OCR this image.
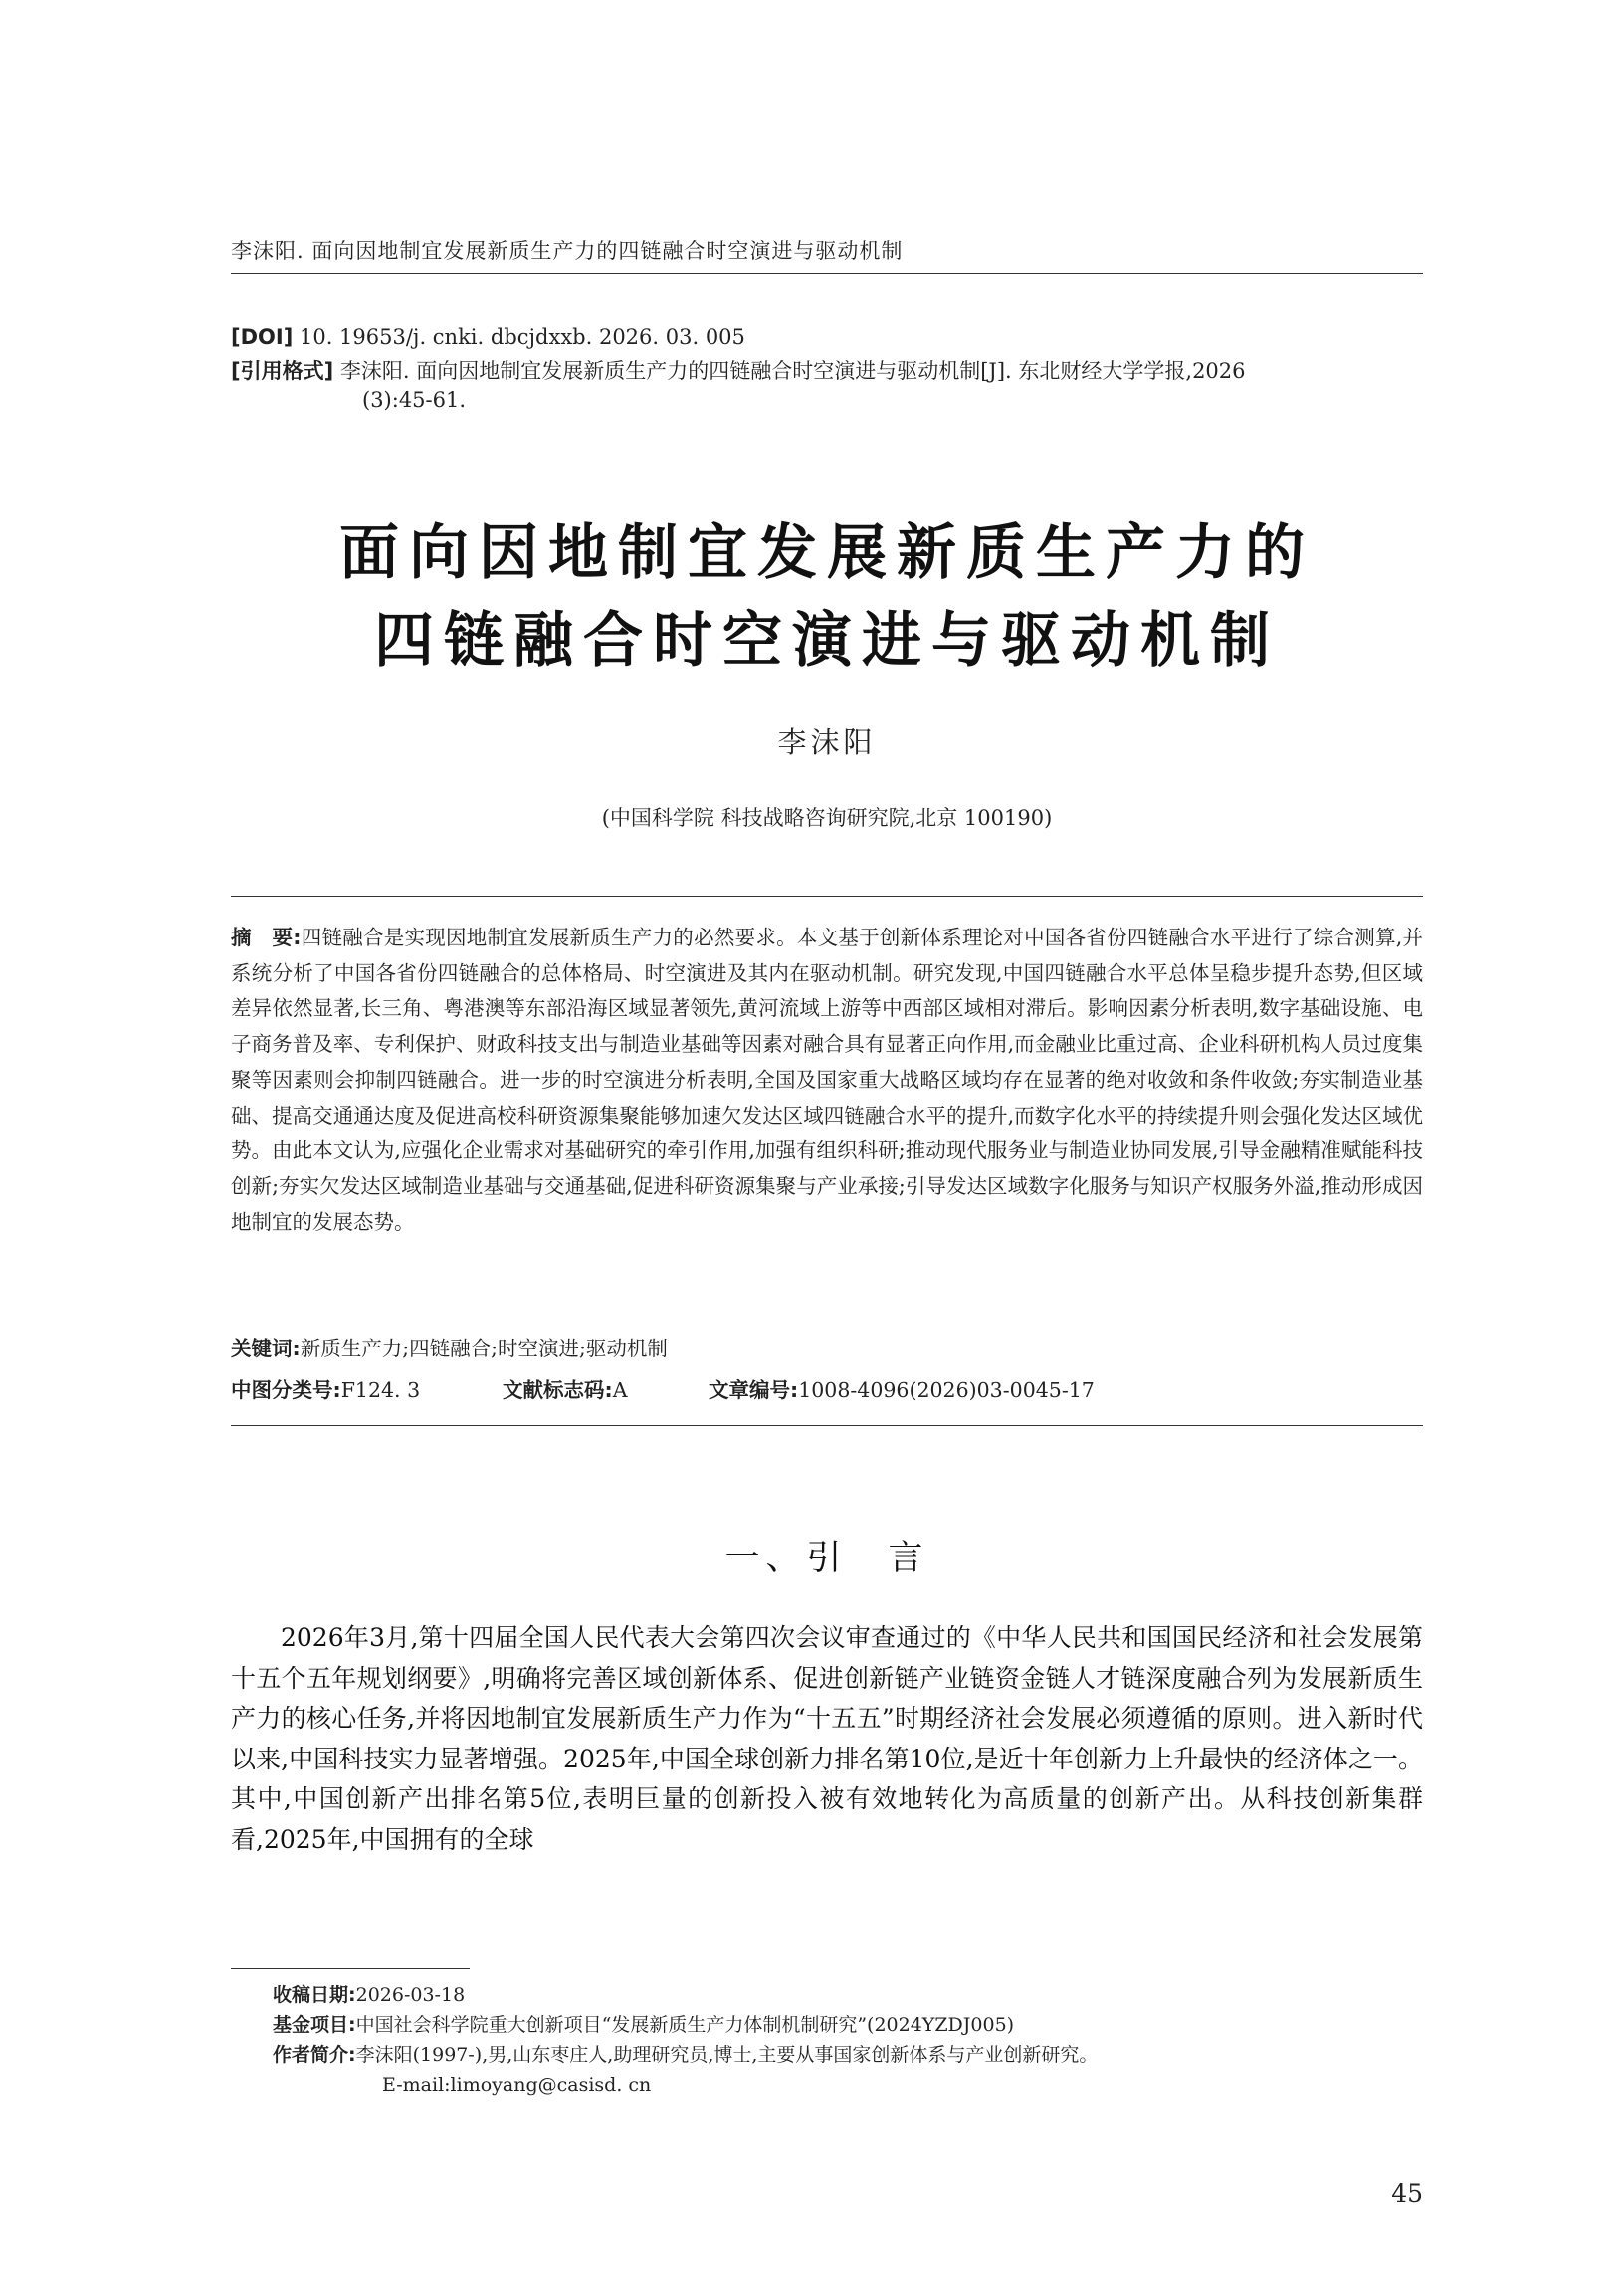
李沫阳. 面向因地制宜发展新质生产力的四链融合时空演进与驱动机制
[DOI] 10. 19653/j. cnki. dbcjdxxb. 2026. 03. 005
[引用格式] 李沫阳. 面向因地制宜发展新质生产力的四链融合时空演进与驱动机制[J]. 东北财经大学学报,2026
(3):45-61.
面向因地制宜发展新质生产力的
四链融合时空演进与驱动机制
李沫阳
(中国科学院 科技战略咨询研究院,北京 100190)
摘　要:四链融合是实现因地制宜发展新质生产力的必然要求。本文基于创新体系理论对中国各省份四链融合水平进行了综合测算,并系统分析了中国各省份四链融合的总体格局、时空演进及其内在驱动机制。研究发现,中国四链融合水平总体呈稳步提升态势,但区域差异依然显著,长三角、粤港澳等东部沿海区域显著领先,黄河流域上游等中西部区域相对滞后。影响因素分析表明,数字基础设施、电子商务普及率、专利保护、财政科技支出与制造业基础等因素对融合具有显著正向作用,而金融业比重过高、企业科研机构人员过度集聚等因素则会抑制四链融合。进一步的时空演进分析表明,全国及国家重大战略区域均存在显著的绝对收敛和条件收敛;夯实制造业基础、提高交通通达度及促进高校科研资源集聚能够加速欠发达区域四链融合水平的提升,而数字化水平的持续提升则会强化发达区域优势。由此本文认为,应强化企业需求对基础研究的牵引作用,加强有组织科研;推动现代服务业与制造业协同发展,引导金融精准赋能科技创新;夯实欠发达区域制造业基础与交通基础,促进科研资源集聚与产业承接;引导发达区域数字化服务与知识产权服务外溢,推动形成因地制宜的发展态势。
关键词:新质生产力;四链融合;时空演进;驱动机制
中图分类号:F124. 3	文献标志码:A	文章编号:1008-4096(2026)03-0045-17
一、引　言

2026年3月,第十四届全国人民代表大会第四次会议审查通过的《中华人民共和国国民经济和社会发展第十五个五年规划纲要》,明确将完善区域创新体系、促进创新链产业链资金链人才链深度融合列为发展新质生产力的核心任务,并将因地制宜发展新质生产力作为“十五五”时期经济社会发展必须遵循的原则。进入新时代以来,中国科技实力显著增强。2025年,中国全球创新力排名第10位,是近十年创新力上升最快的经济体之一。其中,中国创新产出排名第5位,表明巨量的创新投入被有效地转化为高质量的创新产出。从科技创新集群看,2025年,中国拥有的全球

收稿日期:2026-03-18
基金项目:中国社会科学院重大创新项目“发展新质生产力体制机制研究”(2024YZDJ005)
作者简介:李沫阳(1997-),男,山东枣庄人,助理研究员,博士,主要从事国家创新体系与产业创新研究。
E-mail:limoyang@casisd. cn
45
